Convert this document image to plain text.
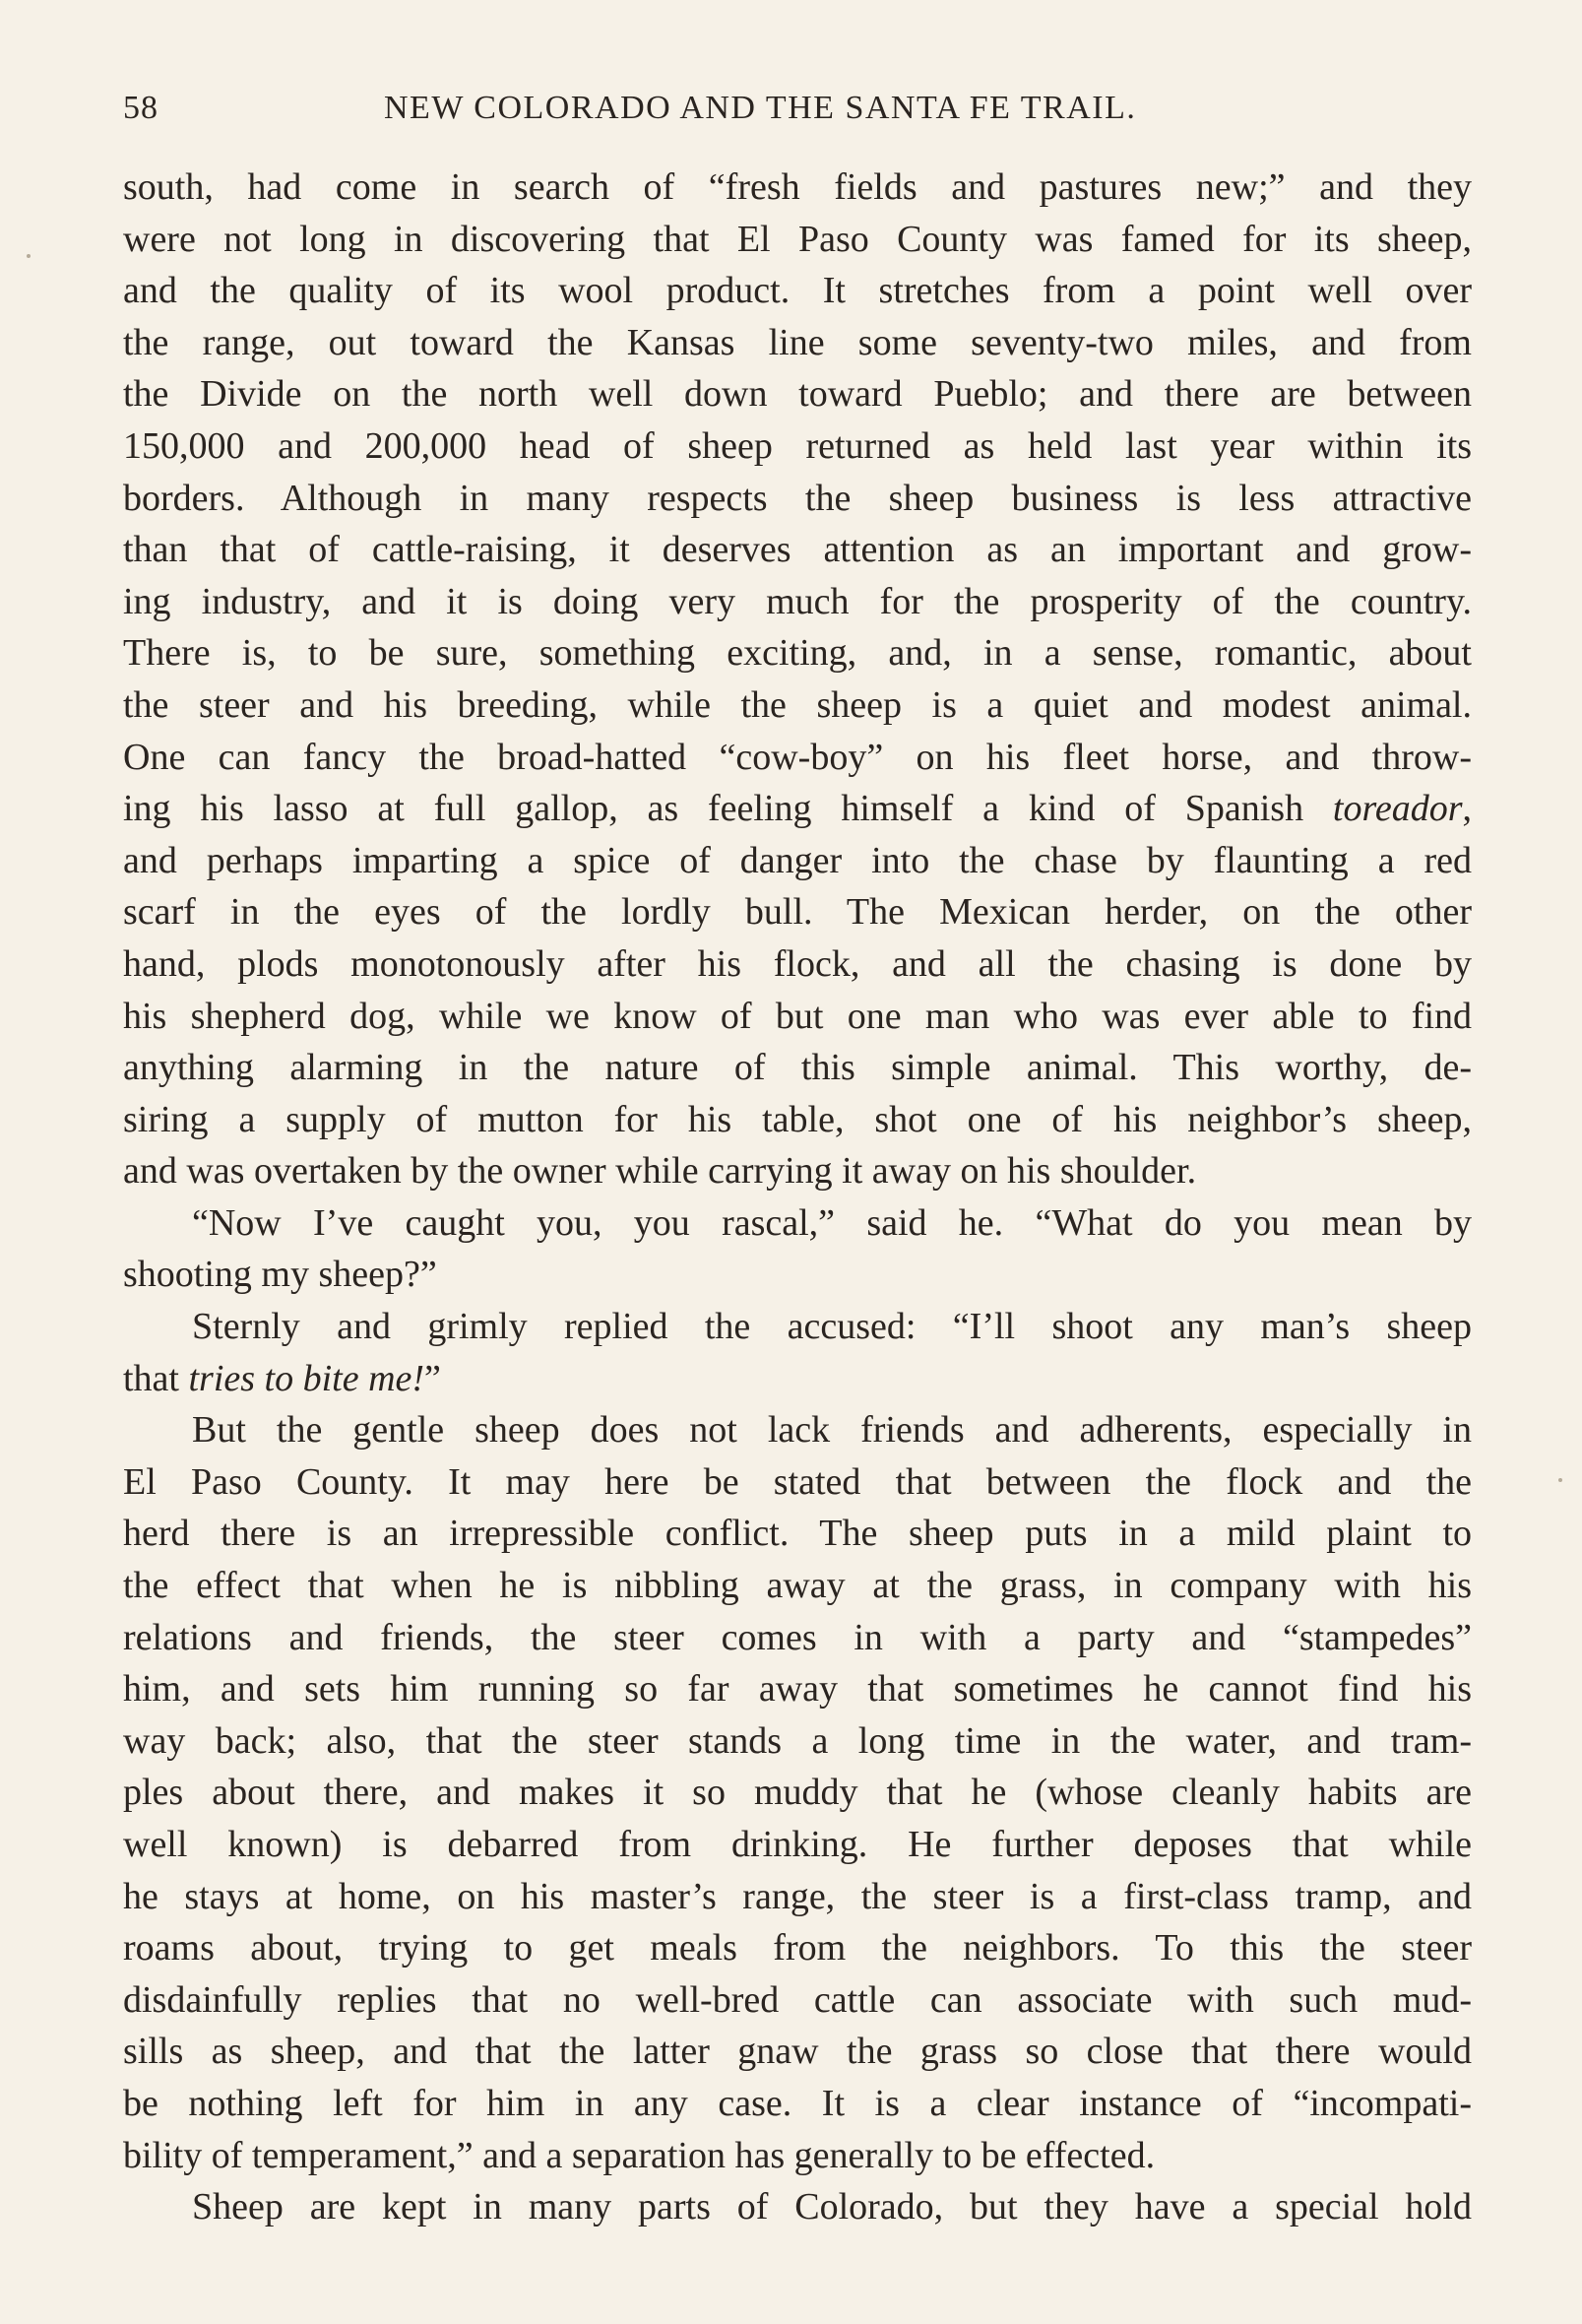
58	NEW COLORADO AND THE SANTA FE TRAIL.
south, had come in search of “fresh fields and pastures new;” and they
were not long in discovering that El Paso County was famed for its sheep,
and the quality of its wool product. It stretches from a point well over
the range, out toward the Kansas line some seventy-two miles, and from
the Divide on the north well down toward Pueblo; and there are between
150,000 and 200,000 head of sheep returned as held last year within its
borders. Although in many respects the sheep business is less attractive
than that of cattle-raising, it deserves attention as an important and grow-
ing industry, and it is doing very much for the prosperity of the country.
There is, to be sure, something exciting, and, in a sense, romantic, about
the steer and his breeding, while the sheep is a quiet and modest animal.
One can fancy the broad-hatted “cow-boy” on his fleet horse, and throw-
ing his lasso at full gallop, as feeling himself a kind of Spanish toreador,
and perhaps imparting a spice of danger into the chase by flaunting a red
scarf in the eyes of the lordly bull. The Mexican herder, on the other
hand, plods monotonously after his flock, and all the chasing is done by
his shepherd dog, while we know of but one man who was ever able to find
anything alarming in the nature of this simple animal. This worthy, de-
siring a supply of mutton for his table, shot one of his neighbor’s sheep,
and was overtaken by the owner while carrying it away on his shoulder.
“Now I’ve caught you, you rascal,” said he. “What do you mean by
shooting my sheep?”
Sternly and grimly replied the accused: “I’ll shoot any man’s sheep
that tries to bite me!”
But the gentle sheep does not lack friends and adherents, especially in
El Paso County. It may here be stated that between the flock and the
herd there is an irrepressible conflict. The sheep puts in a mild plaint to
the effect that when he is nibbling away at the grass, in company with his
relations and friends, the steer comes in with a party and “stampedes”
him, and sets him running so far away that sometimes he cannot find his
way back; also, that the steer stands a long time in the water, and tram-
ples about there, and makes it so muddy that he (whose cleanly habits are
well known) is debarred from drinking. He further deposes that while
he stays at home, on his master’s range, the steer is a first-class tramp, and
roams about, trying to get meals from the neighbors. To this the steer
disdainfully replies that no well-bred cattle can associate with such mud-
sills as sheep, and that the latter gnaw the grass so close that there would
be nothing left for him in any case. It is a clear instance of “incompati-
bility of temperament,” and a separation has generally to be effected.
Sheep are kept in many parts of Colorado, but they have a special hold
